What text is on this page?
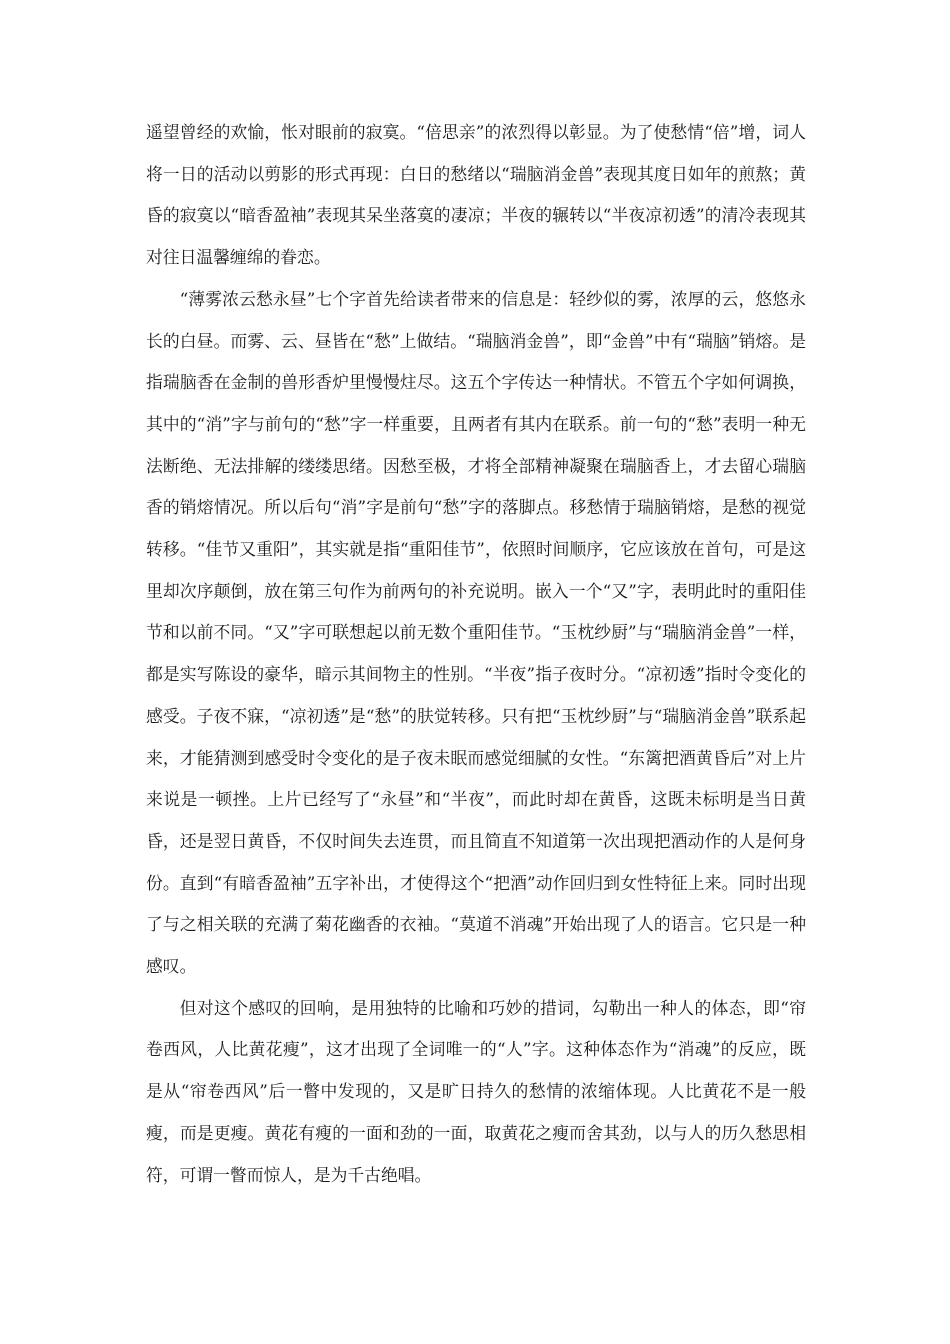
遥望曾经的欢愉，怅对眼前的寂寞。“倍思亲”的浓烈得以彰显。为了使愁情“倍”增，词人将一日的活动以剪影的形式再现：白日的愁绪以“瑞脑消金兽”表现其度日如年的煎熬；黄昏的寂寞以“暗香盈袖”表现其呆坐落寞的凄凉；半夜的辗转以“半夜凉初透”的清冷表现其对往日温馨缠绵的眷恋。

“薄雾浓云愁永昼”七个字首先给读者带来的信息是：轻纱似的雾，浓厚的云，悠悠永长的白昼。而雾、云、昼皆在“愁”上做结。“瑞脑消金兽”，即“金兽”中有“瑞脑”销熔。是指瑞脑香在金制的兽形香炉里慢慢炷尽。这五个字传达一种情状。不管五个字如何调换，其中的“消”字与前句的“愁”字一样重要，且两者有其内在联系。前一句的“愁”表明一种无法断绝、无法排解的缕缕思绪。因愁至极，才将全部精神凝聚在瑞脑香上，才去留心瑞脑香的销熔情况。所以后句“消”字是前句“愁”字的落脚点。移愁情于瑞脑销熔，是愁的视觉转移。“佳节又重阳”，其实就是指“重阳佳节”，依照时间顺序，它应该放在首句，可是这里却次序颠倒，放在第三句作为前两句的补充说明。嵌入一个“又”字，表明此时的重阳佳节和以前不同。“又”字可联想起以前无数个重阳佳节。“玉枕纱厨”与“瑞脑消金兽”一样，都是实写陈设的豪华，暗示其间物主的性别。“半夜”指子夜时分。“凉初透”指时令变化的感受。子夜不寐，“凉初透”是“愁”的肤觉转移。只有把“玉枕纱厨”与“瑞脑消金兽”联系起来，才能猜测到感受时令变化的是子夜未眠而感觉细腻的女性。“东篱把酒黄昏后”对上片来说是一顿挫。上片已经写了“永昼”和“半夜”，而此时却在黄昏，这既未标明是当日黄昏，还是翌日黄昏，不仅时间失去连贯，而且简直不知道第一次出现把酒动作的人是何身份。直到“有暗香盈袖”五字补出，才使得这个“把酒”动作回归到女性特征上来。同时出现了与之相关联的充满了菊花幽香的衣袖。“莫道不消魂”开始出现了人的语言。它只是一种感叹。

但对这个感叹的回响，是用独特的比喻和巧妙的措词，勾勒出一种人的体态，即“帘卷西风，人比黄花瘦”，这才出现了全词唯一的“人”字。这种体态作为“消魂”的反应，既是从“帘卷西风”后一瞥中发现的，又是旷日持久的愁情的浓缩体现。人比黄花不是一般瘦，而是更瘦。黄花有瘦的一面和劲的一面，取黄花之瘦而舍其劲，以与人的历久愁思相符，可谓一瞥而惊人，是为千古绝唱。
